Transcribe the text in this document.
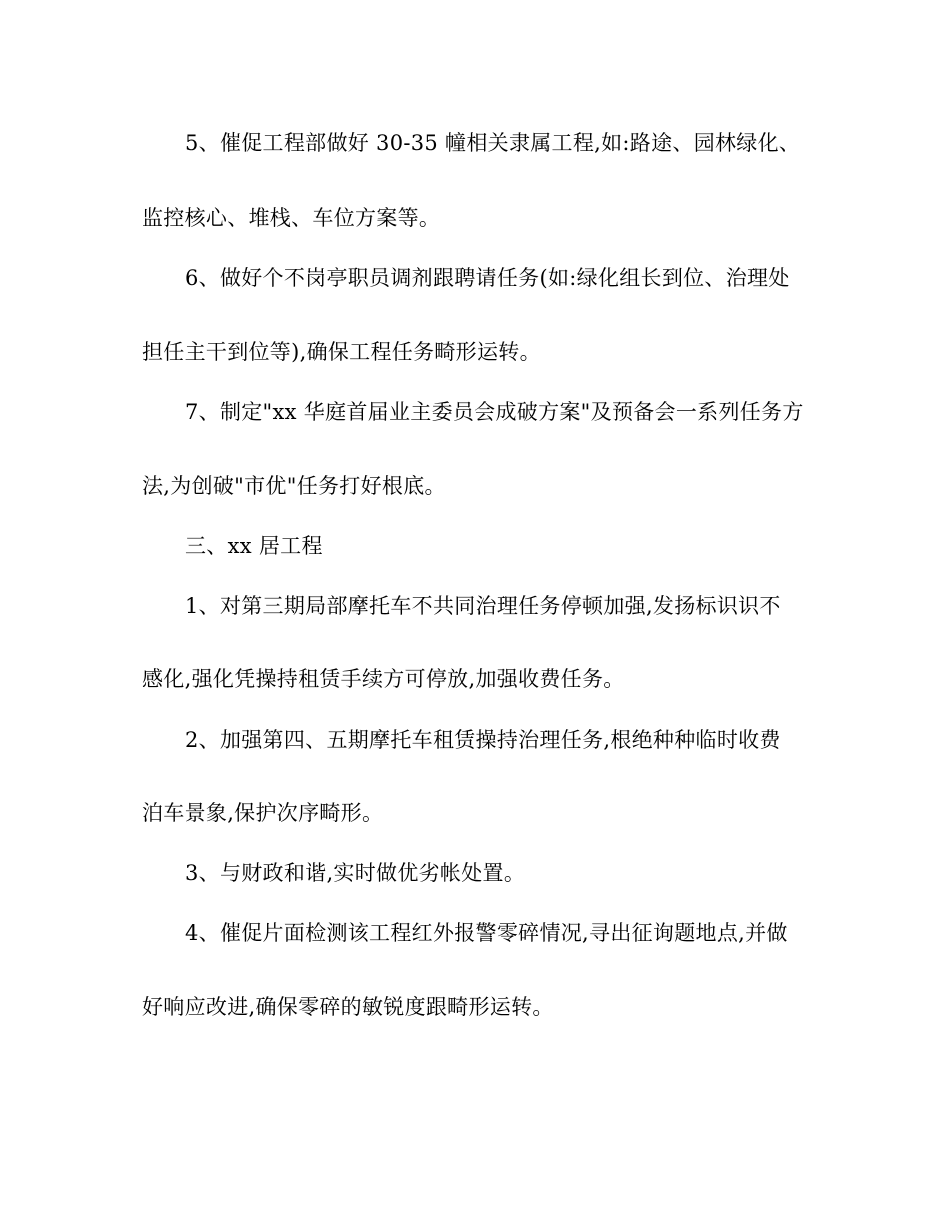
5、催促工程部做好 30-35 幢相关隶属工程,如:路途、园林绿化、
监控核心、堆栈、车位方案等。
6、做好个不岗亭职员调剂跟聘请任务(如:绿化组长到位、治理处
担任主干到位等),确保工程任务畸形运转。
7、制定"xx 华庭首届业主委员会成破方案"及预备会一系列任务方
法,为创破"市优"任务打好根底。
三、xx 居工程
1、对第三期局部摩托车不共同治理任务停顿加强,发扬标识识不
感化,强化凭操持租赁手续方可停放,加强收费任务。
2、加强第四、五期摩托车租赁操持治理任务,根绝种种临时收费
泊车景象,保护次序畸形。
3、与财政和谐,实时做优劣帐处置。
4、催促片面检测该工程红外报警零碎情况,寻出征询题地点,并做
好响应改进,确保零碎的敏锐度跟畸形运转。
